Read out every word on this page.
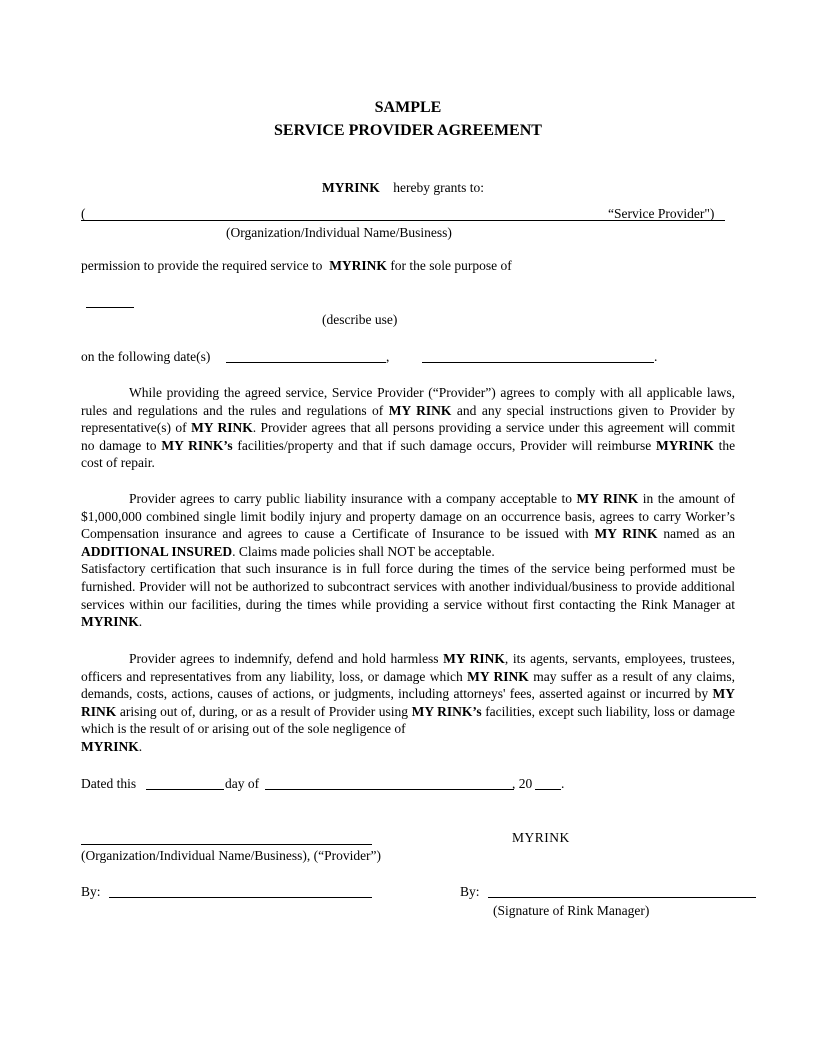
SAMPLE
SERVICE PROVIDER AGREEMENT
MYRINK hereby grants to:
(	“Service Provider")
(Organization/Individual Name/Business)
permission to provide the required service to MYRINK for the sole purpose of
(describe use)
on the following date(s)	,	.

While providing the agreed service, Service Provider (“Provider”) agrees to comply with all applicable laws, rules and regulations and the rules and regulations of MY RINK and any special instructions given to Provider by representative(s) of MY RINK. Provider agrees that all persons providing a service under this agreement will commit no damage to MY RINK’s facilities/property and that if such damage occurs, Provider will reimburse MYRINK the cost of repair.

Provider agrees to carry public liability insurance with a company acceptable to MY RINK in the amount of $1,000,000 combined single limit bodily injury and property damage on an occurrence basis, agrees to carry Worker’s Compensation insurance and agrees to cause a Certificate of Insurance to be issued with MY RINK named as an ADDITIONAL INSURED. Claims made policies shall NOT be acceptable.
Satisfactory certification that such insurance is in full force during the times of the service being performed must be furnished. Provider will not be authorized to subcontract services with another individual/business to provide additional services within our facilities, during the times while providing a service without first contacting the Rink Manager at MYRINK.

Provider agrees to indemnify, defend and hold harmless MY RINK, its agents, servants, employees, trustees, officers and representatives from any liability, loss, or damage which MY RINK may suffer as a result of any claims, demands, costs, actions, causes of actions, or judgments, including attorneys' fees, asserted against or incurred by MY RINK arising out of, during, or as a result of Provider using MY RINK’s facilities, except such liability, loss or damage which is the result of or arising out of the sole negligence of
MYRINK.

Dated this	day of	, 20 .
MYRINK
(Organization/Individual Name/Business), (“Provider”)
By:	By:
(Signature of Rink Manager)
